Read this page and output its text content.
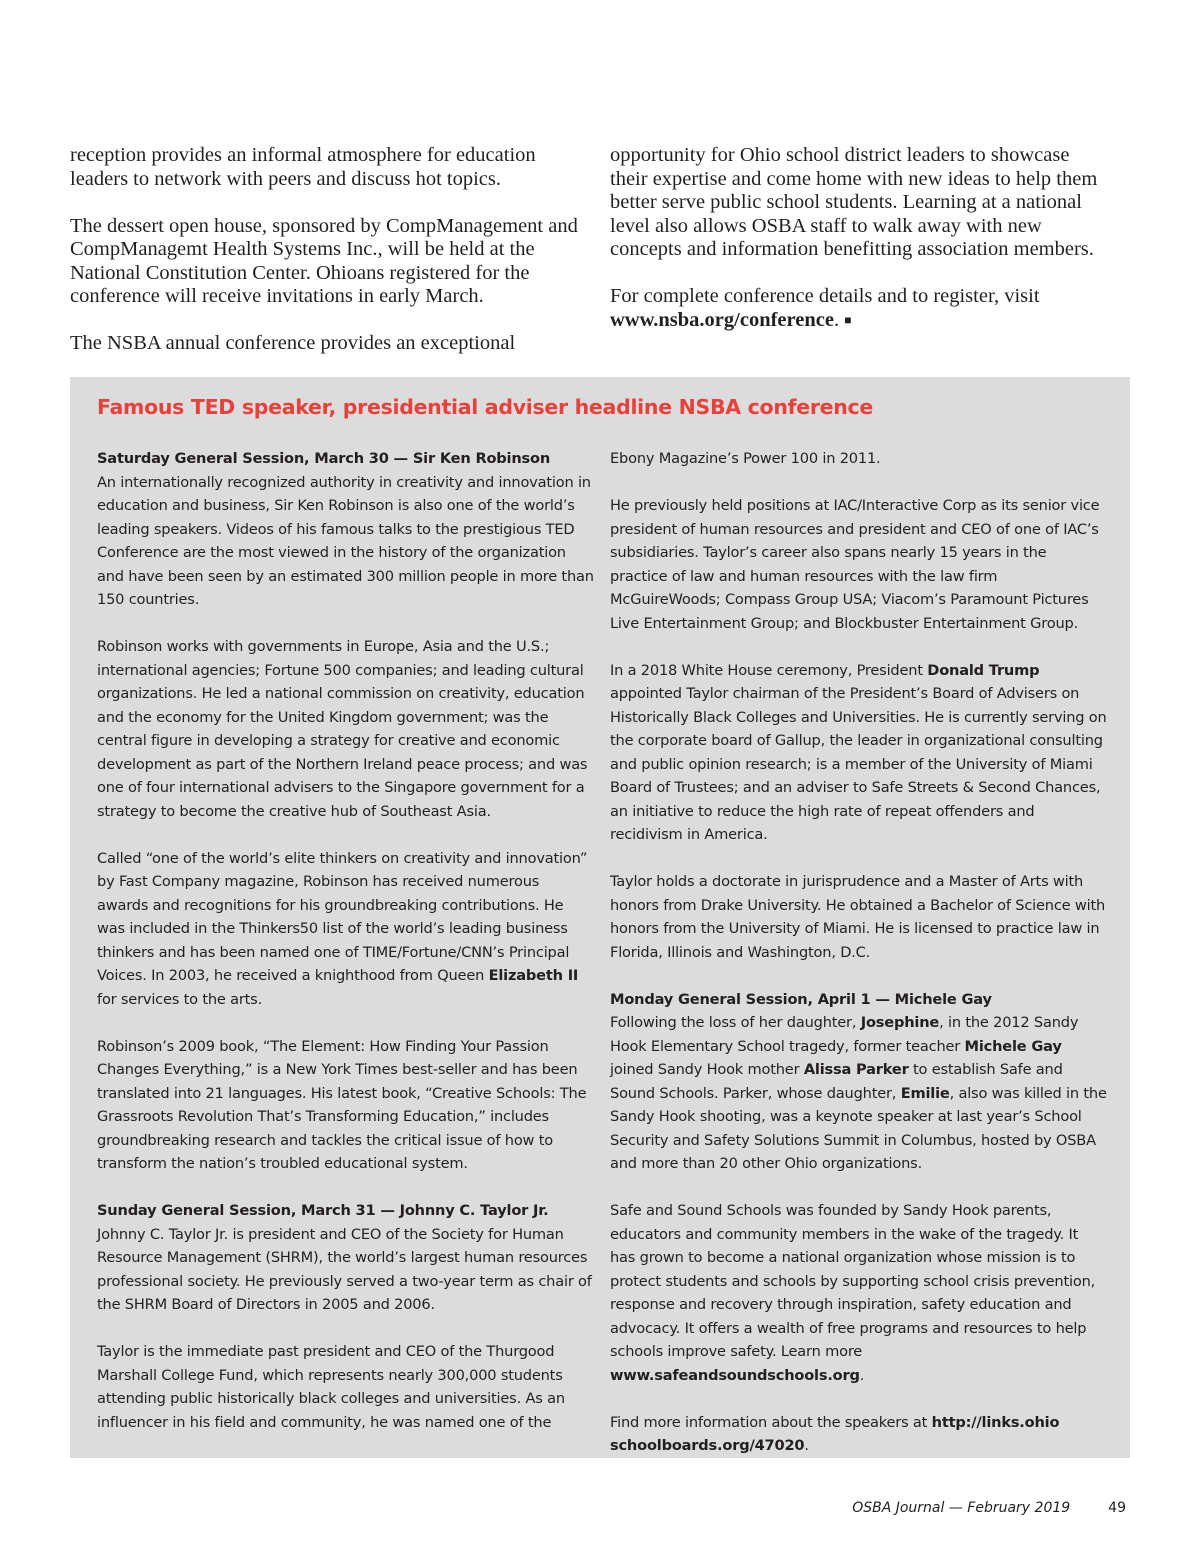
reception provides an informal atmosphere for education leaders to network with peers and discuss hot topics.

The dessert open house, sponsored by CompManagement and CompManagemt Health Systems Inc., will be held at the National Constitution Center. Ohioans registered for the conference will receive invitations in early March.

The NSBA annual conference provides an exceptional

opportunity for Ohio school district leaders to showcase their expertise and come home with new ideas to help them better serve public school students. Learning at a national level also allows OSBA staff to walk away with new concepts and information benefitting association members.

For complete conference details and to register, visit www.nsba.org/conference. ■

Famous TED speaker, presidential adviser headline NSBA conference

Saturday General Session, March 30 — Sir Ken Robinson
An internationally recognized authority in creativity and innovation in education and business, Sir Ken Robinson is also one of the world’s leading speakers. Videos of his famous talks to the prestigious TED Conference are the most viewed in the history of the organization and have been seen by an estimated 300 million people in more than 150 countries.

Robinson works with governments in Europe, Asia and the U.S.; international agencies; Fortune 500 companies; and leading cultural organizations. He led a national commission on creativity, education and the economy for the United Kingdom government; was the central figure in developing a strategy for creative and economic development as part of the Northern Ireland peace process; and was one of four international advisers to the Singapore government for a strategy to become the creative hub of Southeast Asia.

Called “one of the world’s elite thinkers on creativity and innovation” by Fast Company magazine, Robinson has received numerous awards and recognitions for his groundbreaking contributions. He was included in the Thinkers50 list of the world’s leading business thinkers and has been named one of TIME/Fortune/CNN’s Principal Voices. In 2003, he received a knighthood from Queen Elizabeth II for services to the arts.

Robinson’s 2009 book, “The Element: How Finding Your Passion Changes Everything,” is a New York Times best-seller and has been translated into 21 languages. His latest book, “Creative Schools: The Grassroots Revolution That’s Transforming Education,” includes groundbreaking research and tackles the critical issue of how to transform the nation’s troubled educational system.

Sunday General Session, March 31 — Johnny C. Taylor Jr.
Johnny C. Taylor Jr. is president and CEO of the Society for Human Resource Management (SHRM), the world’s largest human resources professional society. He previously served a two-year term as chair of the SHRM Board of Directors in 2005 and 2006.

Taylor is the immediate past president and CEO of the Thurgood Marshall College Fund, which represents nearly 300,000 students attending public historically black colleges and universities. As an influencer in his field and community, he was named one of the

Ebony Magazine’s Power 100 in 2011.

He previously held positions at IAC/Interactive Corp as its senior vice president of human resources and president and CEO of one of IAC’s subsidiaries. Taylor’s career also spans nearly 15 years in the practice of law and human resources with the law firm McGuireWoods; Compass Group USA; Viacom’s Paramount Pictures Live Entertainment Group; and Blockbuster Entertainment Group.

In a 2018 White House ceremony, President Donald Trump appointed Taylor chairman of the President’s Board of Advisers on Historically Black Colleges and Universities. He is currently serving on the corporate board of Gallup, the leader in organizational consulting and public opinion research; is a member of the University of Miami Board of Trustees; and an adviser to Safe Streets & Second Chances, an initiative to reduce the high rate of repeat offenders and recidivism in America.

Taylor holds a doctorate in jurisprudence and a Master of Arts with honors from Drake University. He obtained a Bachelor of Science with honors from the University of Miami. He is licensed to practice law in Florida, Illinois and Washington, D.C.

Monday General Session, April 1 — Michele Gay
Following the loss of her daughter, Josephine, in the 2012 Sandy Hook Elementary School tragedy, former teacher Michele Gay joined Sandy Hook mother Alissa Parker to establish Safe and Sound Schools. Parker, whose daughter, Emilie, also was killed in the Sandy Hook shooting, was a keynote speaker at last year’s School Security and Safety Solutions Summit in Columbus, hosted by OSBA and more than 20 other Ohio organizations.

Safe and Sound Schools was founded by Sandy Hook parents, educators and community members in the wake of the tragedy. It has grown to become a national organization whose mission is to protect students and schools by supporting school crisis prevention, response and recovery through inspiration, safety education and advocacy. It offers a wealth of free programs and resources to help schools improve safety. Learn more www.safeandsoundschools.org.

Find more information about the speakers at http://links.ohio
schoolboards.org/47020.

OSBA Journal — February 2019	49
